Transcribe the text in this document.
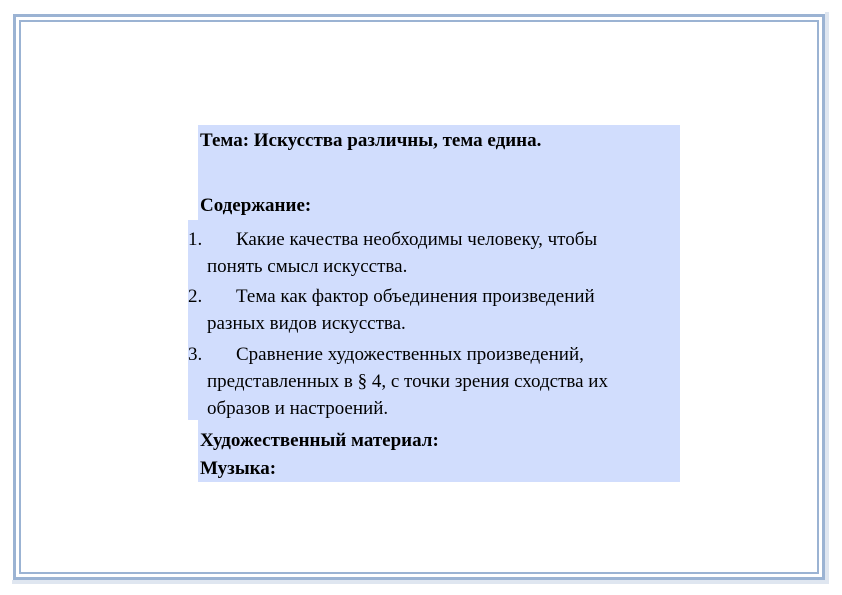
Тема: Искусства различны, тема едина.
Содержание:
1. Какие качества необходимы человеку, чтобы
понять смысл искусства.
2. Тема как фактор объединения произведений
разных видов искусства.
3. Сравнение художественных произведений,
представленных в § 4, с точки зрения сходства их
образов и настроений.
Художественный материал:
Музыка:
